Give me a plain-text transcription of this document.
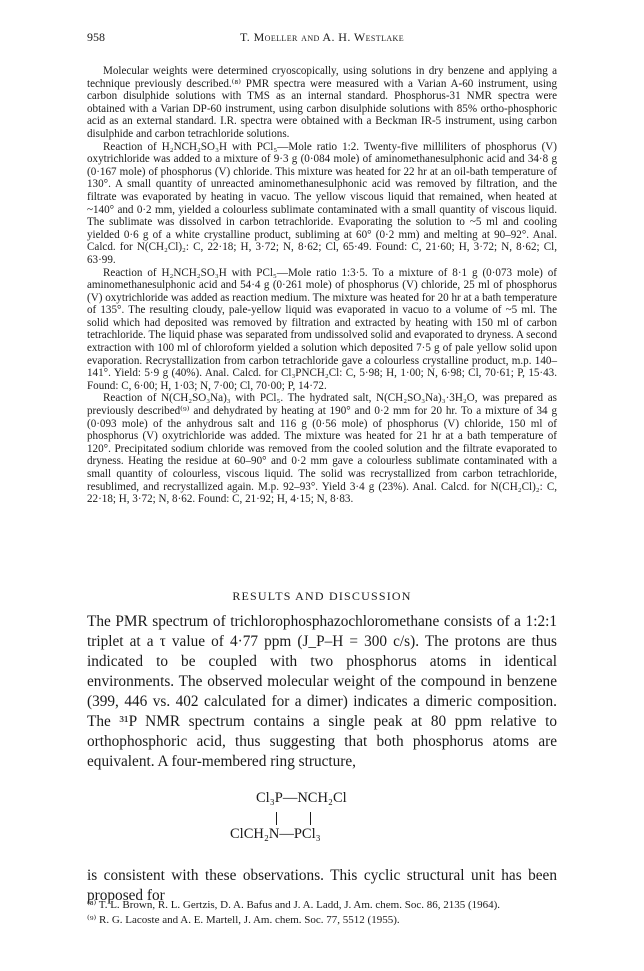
958	T. Moeller and A. H. Westlake

Molecular weights were determined cryoscopically, using solutions in dry benzene and applying a technique previously described.⁽⁸⁾ PMR spectra were measured with a Varian A-60 instrument, using carbon disulphide solutions with TMS as an internal standard. Phosphorus-31 NMR spectra were obtained with a Varian DP-60 instrument, using carbon disulphide solutions with 85% ortho-phosphoric acid as an external standard. I.R. spectra were obtained with a Beckman IR-5 instrument, using carbon disulphide and carbon tetrachloride solutions.

Reaction of H₂NCH₂SO₃H with PCl₅—Mole ratio 1:2. Twenty-five milliliters of phosphorus (V) oxytrichloride was added to a mixture of 9·3 g (0·084 mole) of aminomethanesulphonic acid and 34·8 g (0·167 mole) of phosphorus (V) chloride. This mixture was heated for 22 hr at an oil-bath temperature of 130°. A small quantity of unreacted aminomethanesulphonic acid was removed by filtration, and the filtrate was evaporated by heating in vacuo. The yellow viscous liquid that remained, when heated at ~140° and 0·2 mm, yielded a colourless sublimate contaminated with a small quantity of viscous liquid. The sublimate was dissolved in carbon tetrachloride. Evaporating the solution to ~5 ml and cooling yielded 0·6 g of a white crystalline product, subliming at 60° (0·2 mm) and melting at 90–92°. Anal. Calcd. for N(CH₂Cl)₂: C, 22·18; H, 3·72; N, 8·62; Cl, 65·49. Found: C, 21·60; H, 3·72; N, 8·62; Cl, 63·99.

Reaction of H₂NCH₂SO₃H with PCl₅—Mole ratio 1:3·5. To a mixture of 8·1 g (0·073 mole) of aminomethanesulphonic acid and 54·4 g (0·261 mole) of phosphorus (V) chloride, 25 ml of phosphorus (V) oxytrichloride was added as reaction medium. The mixture was heated for 20 hr at a bath temperature of 135°. The resulting cloudy, pale-yellow liquid was evaporated in vacuo to a volume of ~5 ml. The solid which had deposited was removed by filtration and extracted by heating with 150 ml of carbon tetrachloride. The liquid phase was separated from undissolved solid and evaporated to dryness. A second extraction with 100 ml of chloroform yielded a solution which deposited 7·5 g of pale yellow solid upon evaporation. Recrystallization from carbon tetrachloride gave a colourless crystalline product, m.p. 140–141°. Yield: 5·9 g (40%). Anal. Calcd. for Cl₃PNCH₂Cl: C, 5·98; H, 1·00; N, 6·98; Cl, 70·61; P, 15·43. Found: C, 6·00; H, 1·03; N, 7·00; Cl, 70·00; P, 14·72.

Reaction of N(CH₂SO₃Na)₃ with PCl₅. The hydrated salt, N(CH₂SO₃Na)₃·3H₂O, was prepared as previously described⁽⁹⁾ and dehydrated by heating at 190° and 0·2 mm for 20 hr. To a mixture of 34 g (0·093 mole) of the anhydrous salt and 116 g (0·56 mole) of phosphorus (V) chloride, 150 ml of phosphorus (V) oxytrichloride was added. The mixture was heated for 21 hr at a bath temperature of 120°. Precipitated sodium chloride was removed from the cooled solution and the filtrate evaporated to dryness. Heating the residue at 60–90° and 0·2 mm gave a colourless sublimate contaminated with a small quantity of colourless, viscous liquid. The solid was recrystallized from carbon tetrachloride, resublimed, and recrystallized again. M.p. 92–93°. Yield 3·4 g (23%). Anal. Calcd. for N(CH₂Cl)₂: C, 22·18; H, 3·72; N, 8·62. Found: C, 21·92; H, 4·15; N, 8·83.

RESULTS AND DISCUSSION
The PMR spectrum of trichlorophosphazochloromethane consists of a 1:2:1 triplet at a τ value of 4·77 ppm (J_P–H = 300 c/s). The protons are thus indicated to be coupled with two phosphorus atoms in identical environments. The observed molecular weight of the compound in benzene (399, 446 vs. 402 calculated for a dimer) indicates a dimeric composition. The ³¹P NMR spectrum contains a single peak at 80 ppm relative to orthophosphoric acid, thus suggesting that both phosphorus atoms are equivalent. A four-membered ring structure,
Cl₃P—NCH₂Cl
ClCH₂N—PCl₃
is consistent with these observations. This cyclic structural unit has been proposed for

⁽⁸⁾ T. L. Brown, R. L. Gertzis, D. A. Bafus and J. A. Ladd, J. Am. chem. Soc. 86, 2135 (1964).

⁽⁹⁾ R. G. Lacoste and A. E. Martell, J. Am. chem. Soc. 77, 5512 (1955).
